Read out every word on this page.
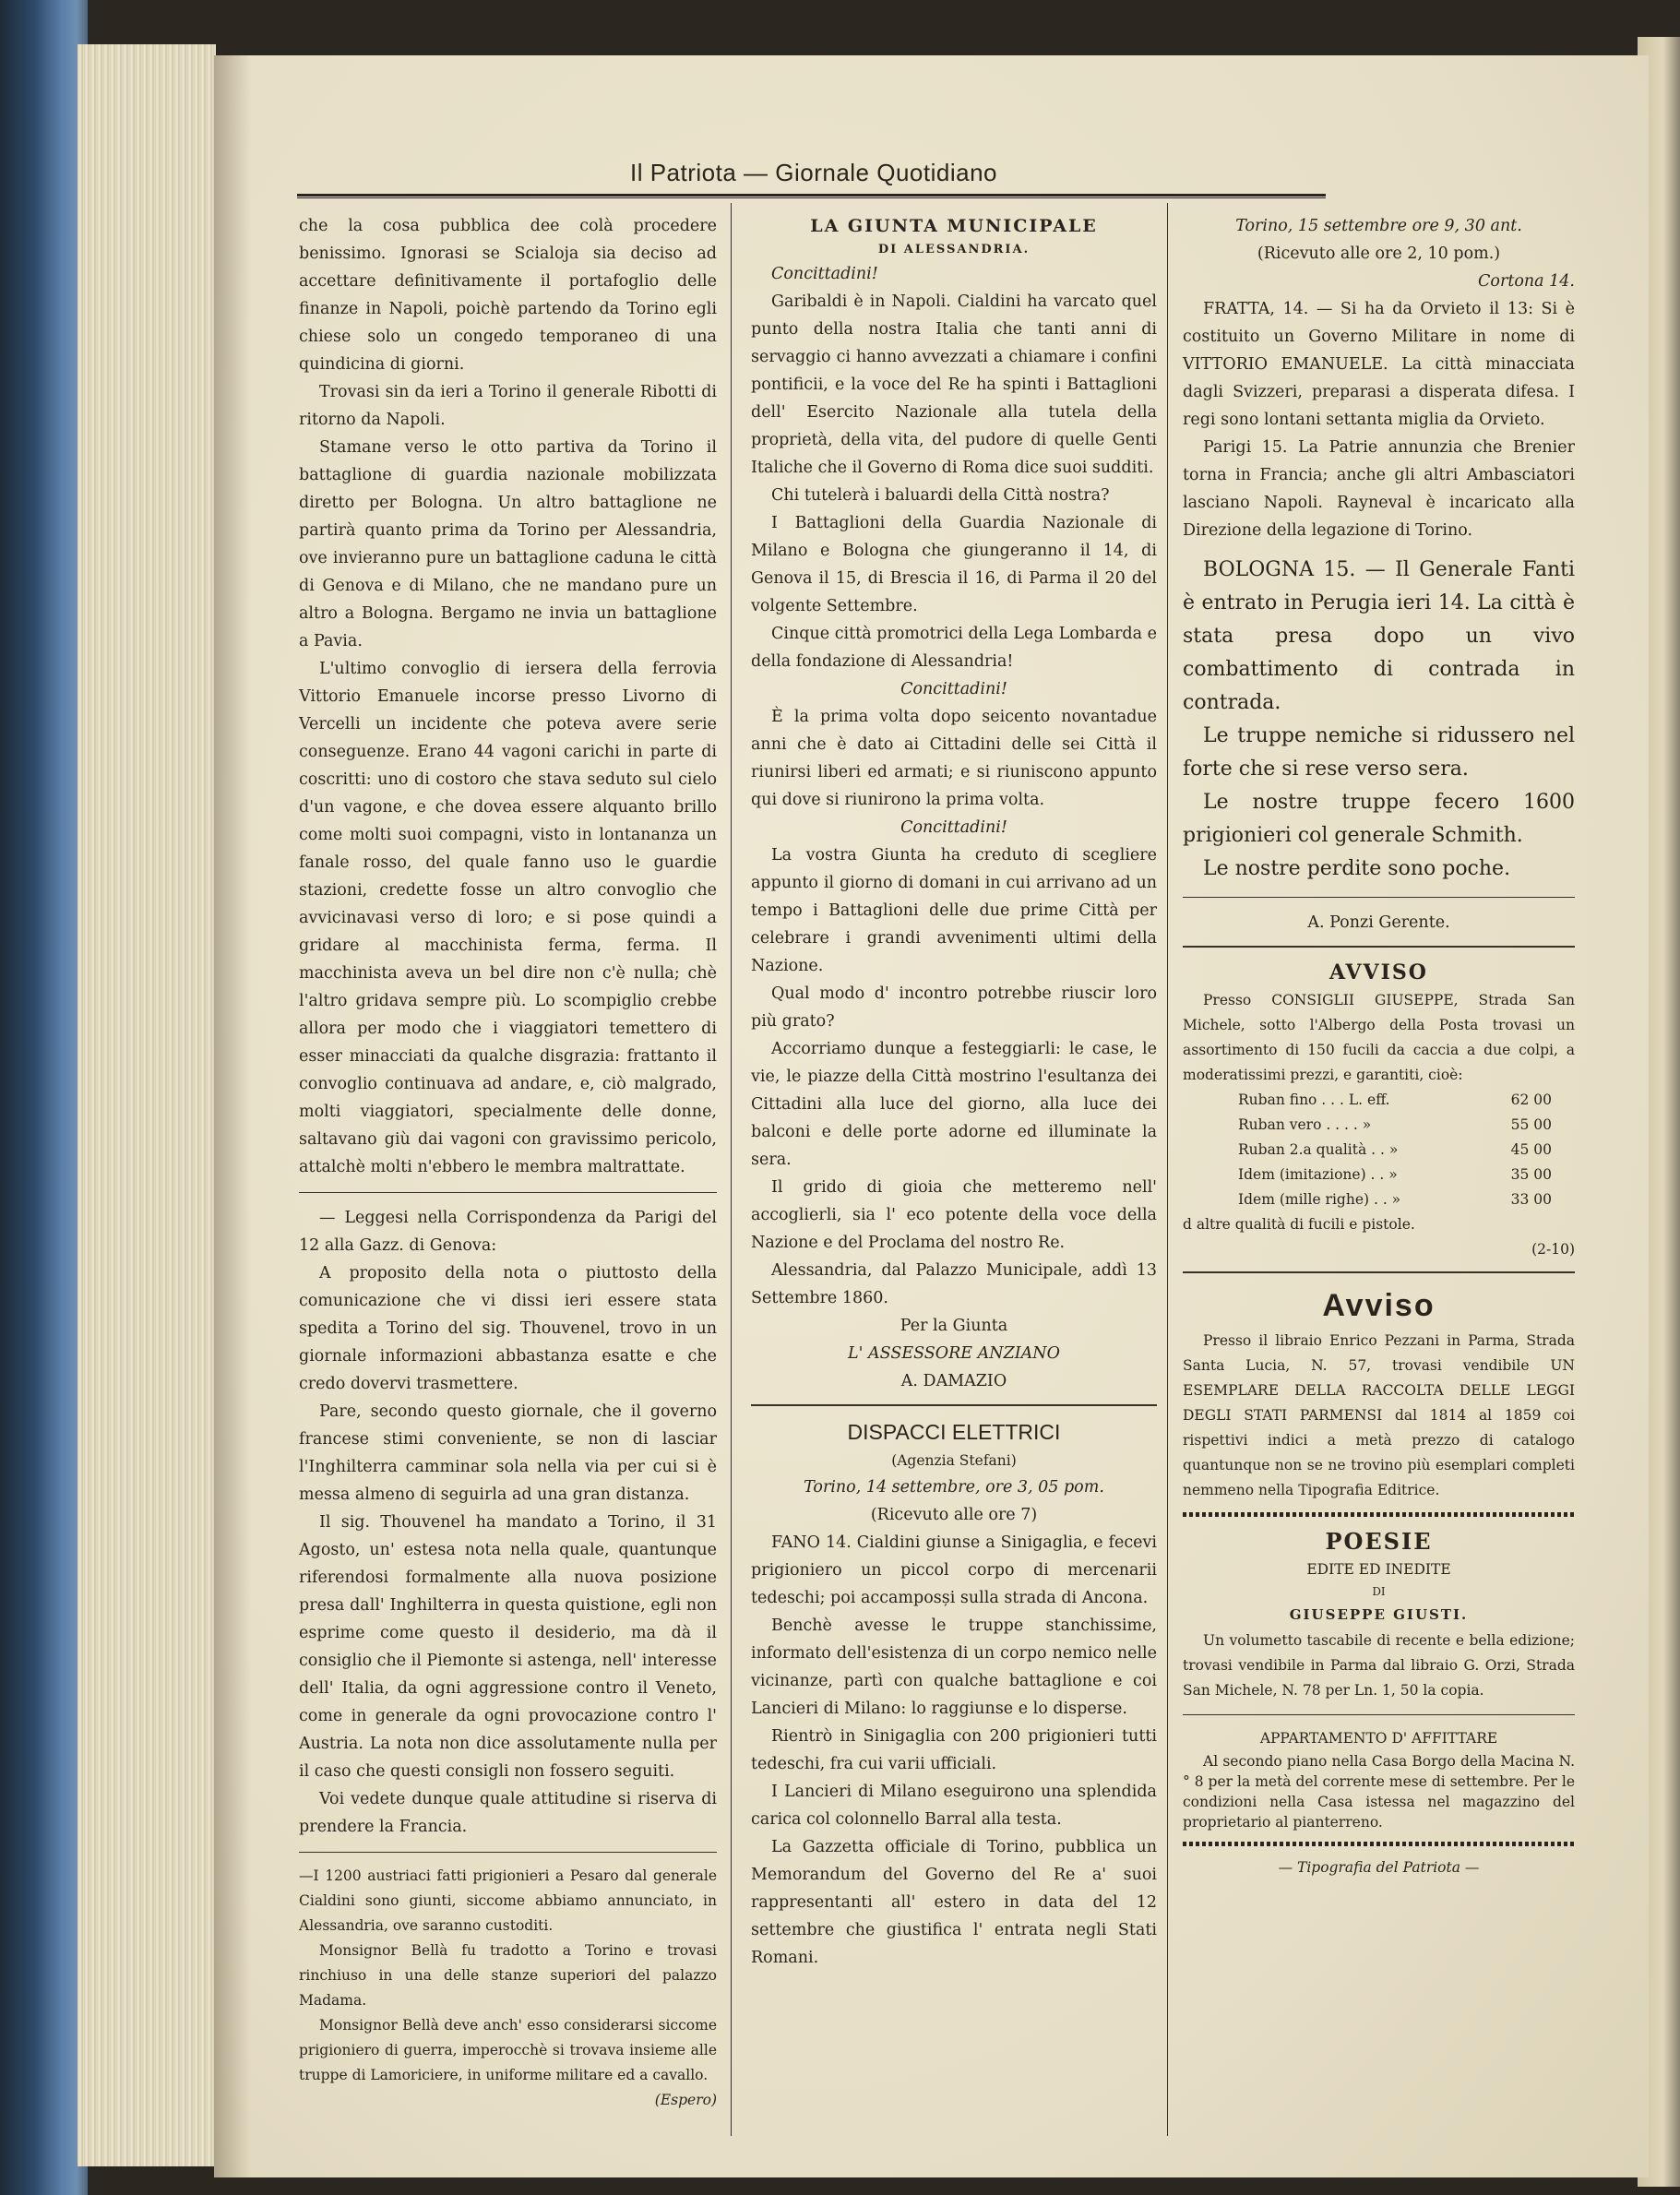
Il Patriota — Giornale Quotidiano

che la cosa pubblica dee colà procedere benissimo. Ignorasi se Scialoja sia deciso ad accettare definitivamente il portafoglio delle finanze in Napoli, poichè partendo da Torino egli chiese solo un congedo temporaneo di una quindicina di giorni.

Trovasi sin da ieri a Torino il generale Ribotti di ritorno da Napoli.

Stamane verso le otto partiva da Torino il battaglione di guardia nazionale mobilizzata diretto per Bologna. Un altro battaglione ne partirà quanto prima da Torino per Alessandria, ove invieranno pure un battaglione caduna le città di Genova e di Milano, che ne mandano pure un altro a Bologna. Bergamo ne invia un battaglione a Pavia.

L'ultimo convoglio di iersera della ferrovia Vittorio Emanuele incorse presso Livorno di Vercelli un incidente che poteva avere serie conseguenze. Erano 44 vagoni carichi in parte di coscritti: uno di costoro che stava seduto sul cielo d'un vagone, e che dovea essere alquanto brillo come molti suoi compagni, visto in lontananza un fanale rosso, del quale fanno uso le guardie stazioni, credette fosse un altro convoglio che avvicinavasi verso di loro; e si pose quindi a gridare al macchinista ferma, ferma. Il macchinista aveva un bel dire non c'è nulla; chè l'altro gridava sempre più. Lo scompiglio crebbe allora per modo che i viaggiatori temettero di esser minacciati da qualche disgrazia: frattanto il convoglio continuava ad andare, e, ciò malgrado, molti viaggiatori, specialmente delle donne, saltavano giù dai vagoni con gravissimo pericolo, attalchè molti n'ebbero le membra maltrattate.

— Leggesi nella Corrispondenza da Parigi del 12 alla Gazz. di Genova:

A proposito della nota o piuttosto della comunicazione che vi dissi ieri essere stata spedita a Torino del sig. Thouvenel, trovo in un giornale informazioni abbastanza esatte e che credo dovervi trasmettere.

Pare, secondo questo giornale, che il governo francese stimi conveniente, se non di lasciar l'Inghilterra camminar sola nella via per cui si è messa almeno di seguirla ad una gran distanza.

Il sig. Thouvenel ha mandato a Torino, il 31 Agosto, un' estesa nota nella quale, quantunque riferendosi formalmente alla nuova posizione presa dall' Inghilterra in questa quistione, egli non esprime come questo il desiderio, ma dà il consiglio che il Piemonte si astenga, nell' interesse dell' Italia, da ogni aggressione contro il Veneto, come in generale da ogni provocazione contro l' Austria. La nota non dice assolutamente nulla per il caso che questi consigli non fossero seguiti.

Voi vedete dunque quale attitudine si riserva di prendere la Francia.

—I 1200 austriaci fatti prigionieri a Pesaro dal generale Cialdini sono giunti, siccome abbiamo annunciato, in Alessandria, ove saranno custoditi.

Monsignor Bellà fu tradotto a Torino e trovasi rinchiuso in una delle stanze superiori del palazzo Madama.

Monsignor Bellà deve anch' esso considerarsi siccome prigioniero di guerra, imperocchè si trovava insieme alle truppe di Lamoriciere, in uniforme militare ed a cavallo.

(Espero)

LA GIUNTA MUNICIPALE
DI ALESSANDRIA.

Concittadini!

Garibaldi è in Napoli. Cialdini ha varcato quel punto della nostra Italia che tanti anni di servaggio ci hanno avvezzati a chiamare i confini pontificii, e la voce del Re ha spinti i Battaglioni dell' Esercito Nazionale alla tutela della proprietà, della vita, del pudore di quelle Genti Italiche che il Governo di Roma dice suoi sudditi.

Chi tutelerà i baluardi della Città nostra?

I Battaglioni della Guardia Nazionale di Milano e Bologna che giungeranno il 14, di Genova il 15, di Brescia il 16, di Parma il 20 del volgente Settembre.

Cinque città promotrici della Lega Lombarda e della fondazione di Alessandria!

Concittadini!

È la prima volta dopo seicento novantadue anni che è dato ai Cittadini delle sei Città il riunirsi liberi ed armati; e si riuniscono appunto qui dove si riunirono la prima volta.

Concittadini!

La vostra Giunta ha creduto di scegliere appunto il giorno di domani in cui arrivano ad un tempo i Battaglioni delle due prime Città per celebrare i grandi avvenimenti ultimi della Nazione.

Qual modo d' incontro potrebbe riuscir loro più grato?

Accorriamo dunque a festeggiarli: le case, le vie, le piazze della Città mostrino l'esultanza dei Cittadini alla luce del giorno, alla luce dei balconi e delle porte adorne ed illuminate la sera.

Il grido di gioia che metteremo nell' accoglierli, sia l' eco potente della voce della Nazione e del Proclama del nostro Re.

Alessandria, dal Palazzo Municipale, addì 13 Settembre 1860.

Per la Giunta

L' ASSESSORE ANZIANO

A. DAMAZIO

DISPACCI ELETTRICI

(Agenzia Stefani)

Torino, 14 settembre, ore 3, 05 pom.

(Ricevuto alle ore 7)

FANO 14. Cialdini giunse a Sinigaglia, e fecevi prigioniero un piccol corpo di mercenarii tedeschi; poi accamposși sulla strada di Ancona.

Benchè avesse le truppe stanchissime, informato dell'esistenza di un corpo nemico nelle vicinanze, partì con qualche battaglione e coi Lancieri di Milano: lo raggiunse e lo disperse.

Rientrò in Sinigaglia con 200 prigionieri tutti tedeschi, fra cui varii ufficiali.

I Lancieri di Milano eseguirono una splendida carica col colonnello Barral alla testa.

La Gazzetta officiale di Torino, pubblica un Memorandum del Governo del Re a' suoi rappresentanti all' estero in data del 12 settembre che giustifica l' entrata negli Stati Romani.

Torino, 15 settembre ore 9, 30 ant.

(Ricevuto alle ore 2, 10 pom.)

Cortona 14.

FRATTA, 14. — Si ha da Orvieto il 13: Si è costituito un Governo Militare in nome di VITTORIO EMANUELE. La città minacciata dagli Svizzeri, preparasi a disperata difesa. I regi sono lontani settanta miglia da Orvieto.

Parigi 15. La Patrie annunzia che Brenier torna in Francia; anche gli altri Ambasciatori lasciano Napoli. Rayneval è incaricato alla Direzione della legazione di Torino.

BOLOGNA 15. — Il Generale Fanti è entrato in Perugia ieri 14. La città è stata presa dopo un vivo combattimento di contrada in contrada.

Le truppe nemiche si ridussero nel forte che si rese verso sera.

Le nostre truppe fecero 1600 prigionieri col generale Schmith.

Le nostre perdite sono poche.

A. Ponzi Gerente.

AVVISO

Presso CONSIGLII GIUSEPPE, Strada San Michele, sotto l'Albergo della Posta trovasi un assortimento di 150 fucili da caccia a due colpi, a moderatissimi prezzi, e garantiti, cioè:

Ruban fino . . . L. eff.	62 00
Ruban vero . . . . »	55 00
Ruban 2.a qualità . . »	45 00
Idem (imitazione) . . »	35 00
Idem (mille righe) . . »	33 00

d altre qualità di fucili e pistole.

(2-10)

Avviso

Presso il libraio Enrico Pezzani in Parma, Strada Santa Lucia, N. 57, trovasi vendibile UN ESEMPLARE DELLA RACCOLTA DELLE LEGGI DEGLI STATI PARMENSI dal 1814 al 1859 coi rispettivi indici a metà prezzo di catalogo quantunque non se ne trovino più esemplari completi nemmeno nella Tipografia Editrice.

POESIE

EDITE ED INEDITE

DI

GIUSEPPE GIUSTI.

Un volumetto tascabile di recente e bella edizione; trovasi vendibile in Parma dal libraio G. Orzi, Strada San Michele, N. 78 per Ln. 1, 50 la copia.

APPARTAMENTO D' AFFITTARE

Al secondo piano nella Casa Borgo della Macina N.° 8 per la metà del corrente mese di settembre. Per le condizioni nella Casa istessa nel magazzino del proprietario al pianterreno.

— Tipografia del Patriota —
